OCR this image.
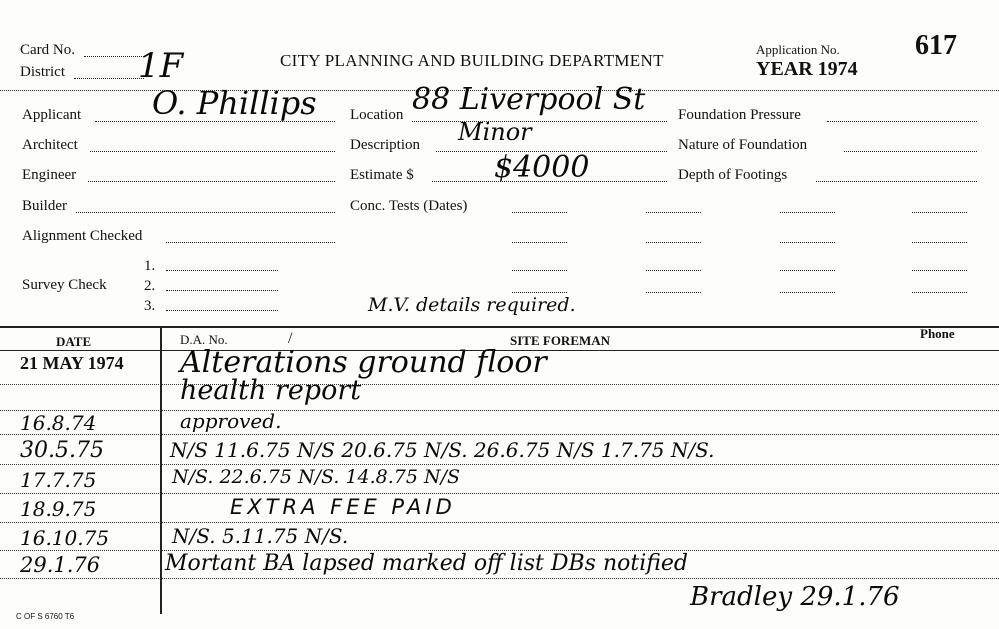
Card No.
District 1F	CITY PLANNING AND BUILDING DEPARTMENT
Application No.
YEAR 1974
617
Applicant O. Phillips
Architect
Engineer
Builder
Alignment Checked
1.
Survey Check 2.
3.
Location 88 Liverpool St
Description Minor
Estimate $	$4000
Conc. Tests (Dates)
Foundation Pressure
Nature of Foundation
Depth of Footings
M.V. details required.
DATE	D.A. No.	/	SITE FOREMAN	Phone
21 MAY 1974 Alterations ground floor
health report
16.8.74	approved.
30.5.75	N/S 11.6.75 N/S 20.6.75 N/S. 26.6.75 N/S 1.7.75 N/S.
17.7.75	N/S. 22.6.75 N/S. 14.8.75 N/S
18.9.75	EXTRA FEE PAID
16.10.75	N/S. 5.11.75 N/S.
29.1.76	Mortant BA lapsed marked off list DBs notified
Bradley 29.1.76
C OF S 6760 T6
